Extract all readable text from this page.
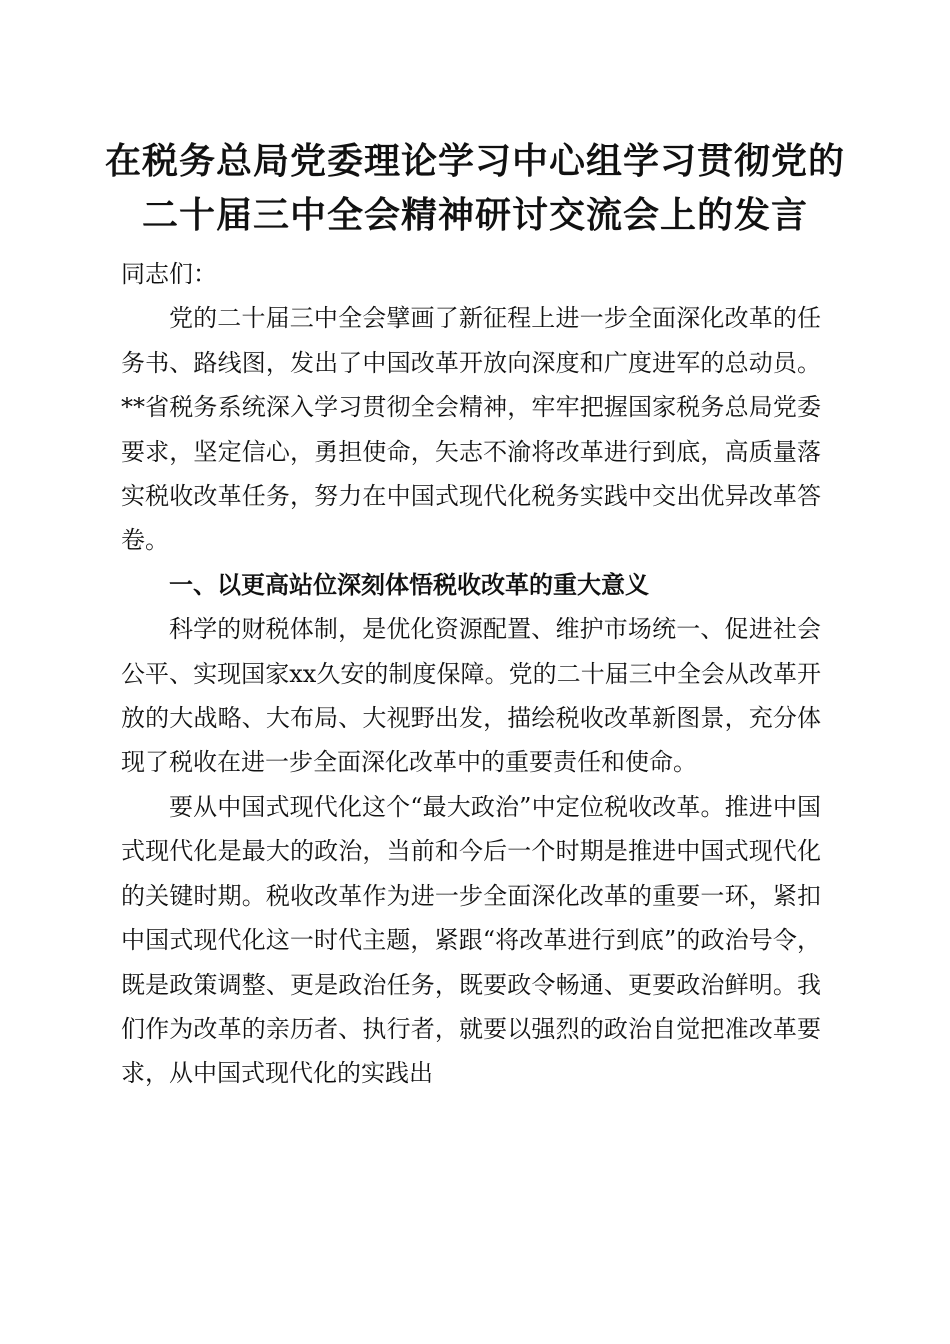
在税务总局党委理论学习中心组学习贯彻党的
二十届三中全会精神研讨交流会上的发言

同志们：

党的二十届三中全会擘画了新征程上进一步全面深化改革的任务书、路线图，发出了中国改革开放向深度和广度进军的总动员。**省税务系统深入学习贯彻全会精神，牢牢把握国家税务总局党委要求，坚定信心，勇担使命，矢志不渝将改革进行到底，高质量落实税收改革任务，努力在中国式现代化税务实践中交出优异改革答卷。

一、以更高站位深刻体悟税收改革的重大意义

科学的财税体制，是优化资源配置、维护市场统一、促进社会公平、实现国家xx久安的制度保障。党的二十届三中全会从改革开放的大战略、大布局、大视野出发，描绘税收改革新图景，充分体现了税收在进一步全面深化改革中的重要责任和使命。

要从中国式现代化这个“最大政治”中定位税收改革。推进中国式现代化是最大的政治，当前和今后一个时期是推进中国式现代化的关键时期。税收改革作为进一步全面深化改革的重要一环，紧扣中国式现代化这一时代主题，紧跟“将改革进行到底”的政治号令，既是政策调整、更是政治任务，既要政令畅通、更要政治鲜明。我们作为改革的亲历者、执行者，就要以强烈的政治自觉把准改革要求，从中国式现代化的实践出
